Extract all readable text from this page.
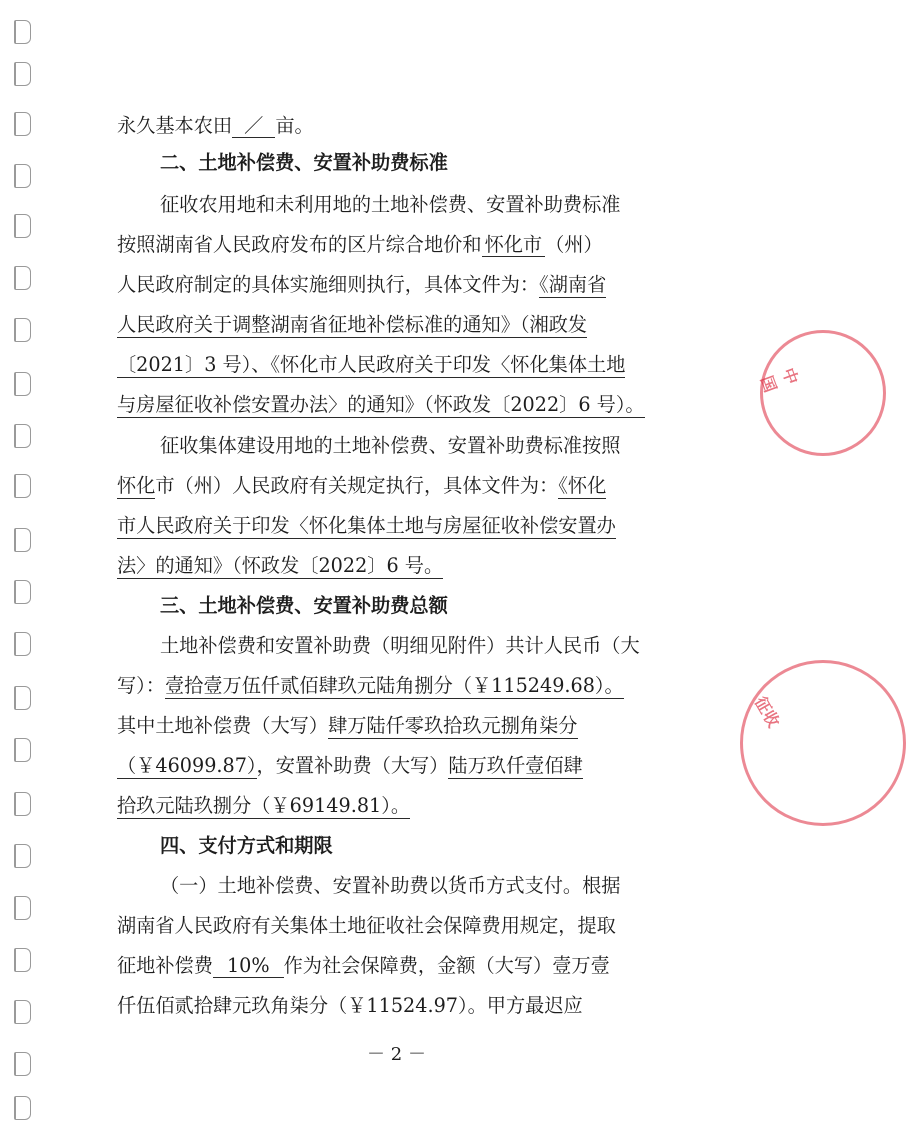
中国
征收
永久基本农田 ／ 亩。
二、土地补偿费、安置补助费标准
征收农用地和未利用地的土地补偿费、安置补助费标准
按照湖南省人民政府发布的区片综合地价和 怀化市 （州）
人民政府制定的具体实施细则执行，具体文件为：《湖南省
人民政府关于调整湖南省征地补偿标准的通知》（湘政发
〔2021〕3 号）、《怀化市人民政府关于印发〈怀化集体土地
与房屋征收补偿安置办法〉的通知》（怀政发〔2022〕6 号）。
征收集体建设用地的土地补偿费、安置补助费标准按照
怀化市（州）人民政府有关规定执行，具体文件为：《怀化
市人民政府关于印发〈怀化集体土地与房屋征收补偿安置办
法〉的通知》（怀政发〔2022〕6 号。
三、土地补偿费、安置补助费总额
土地补偿费和安置补助费（明细见附件）共计人民币（大
写）：壹拾壹万伍仟贰佰肆玖元陆角捌分（￥115249.68）。
其中土地补偿费（大写）肆万陆仟零玖拾玖元捌角柒分
（￥46099.87），安置补助费（大写）陆万玖仟壹佰肆
拾玖元陆玖捌分（￥69149.81）。
四、支付方式和期限
（一）土地补偿费、安置补助费以货币方式支付。根据
湖南省人民政府有关集体土地征收社会保障费用规定，提取
征地补偿费 10% 作为社会保障费，金额（大写）壹万壹
仟伍佰贰拾肆元玖角柒分（￥11524.97）。甲方最迟应
－ 2 －
